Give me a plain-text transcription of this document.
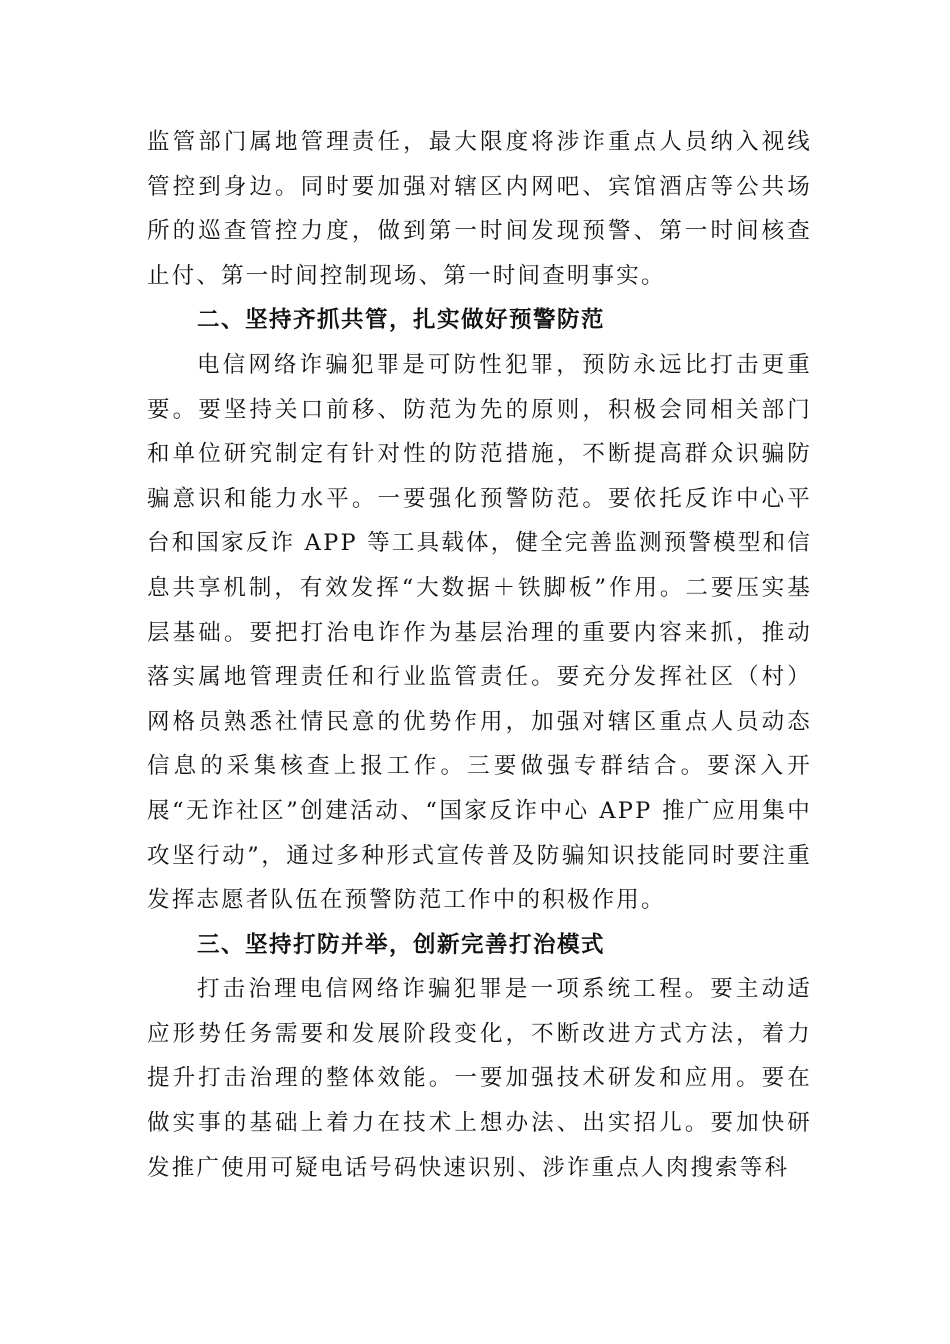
监管部门属地管理责任，最大限度将涉诈重点人员纳入视线管控到身边。同时要加强对辖区内网吧、宾馆酒店等公共场所的巡查管控力度，做到第一时间发现预警、第一时间核查止付、第一时间控制现场、第一时间查明事实。

二、坚持齐抓共管，扎实做好预警防范

电信网络诈骗犯罪是可防性犯罪，预防永远比打击更重要。要坚持关口前移、防范为先的原则，积极会同相关部门和单位研究制定有针对性的防范措施，不断提高群众识骗防骗意识和能力水平。一要强化预警防范。要依托反诈中心平台和国家反诈 APP 等工具载体，健全完善监测预警模型和信息共享机制，有效发挥“大数据＋铁脚板”作用。二要压实基层基础。要把打治电诈作为基层治理的重要内容来抓，推动落实属地管理责任和行业监管责任。要充分发挥社区（村）网格员熟悉社情民意的优势作用，加强对辖区重点人员动态信息的采集核查上报工作。三要做强专群结合。要深入开展“无诈社区”创建活动、“国家反诈中心 APP 推广应用集中攻坚行动”，通过多种形式宣传普及防骗知识技能同时要注重发挥志愿者队伍在预警防范工作中的积极作用。

三、坚持打防并举，创新完善打治模式

打击治理电信网络诈骗犯罪是一项系统工程。要主动适应形势任务需要和发展阶段变化，不断改进方式方法，着力提升打击治理的整体效能。一要加强技术研发和应用。要在做实事的基础上着力在技术上想办法、出实招儿。要加快研发推广使用可疑电话号码快速识别、涉诈重点人肉搜索等科
